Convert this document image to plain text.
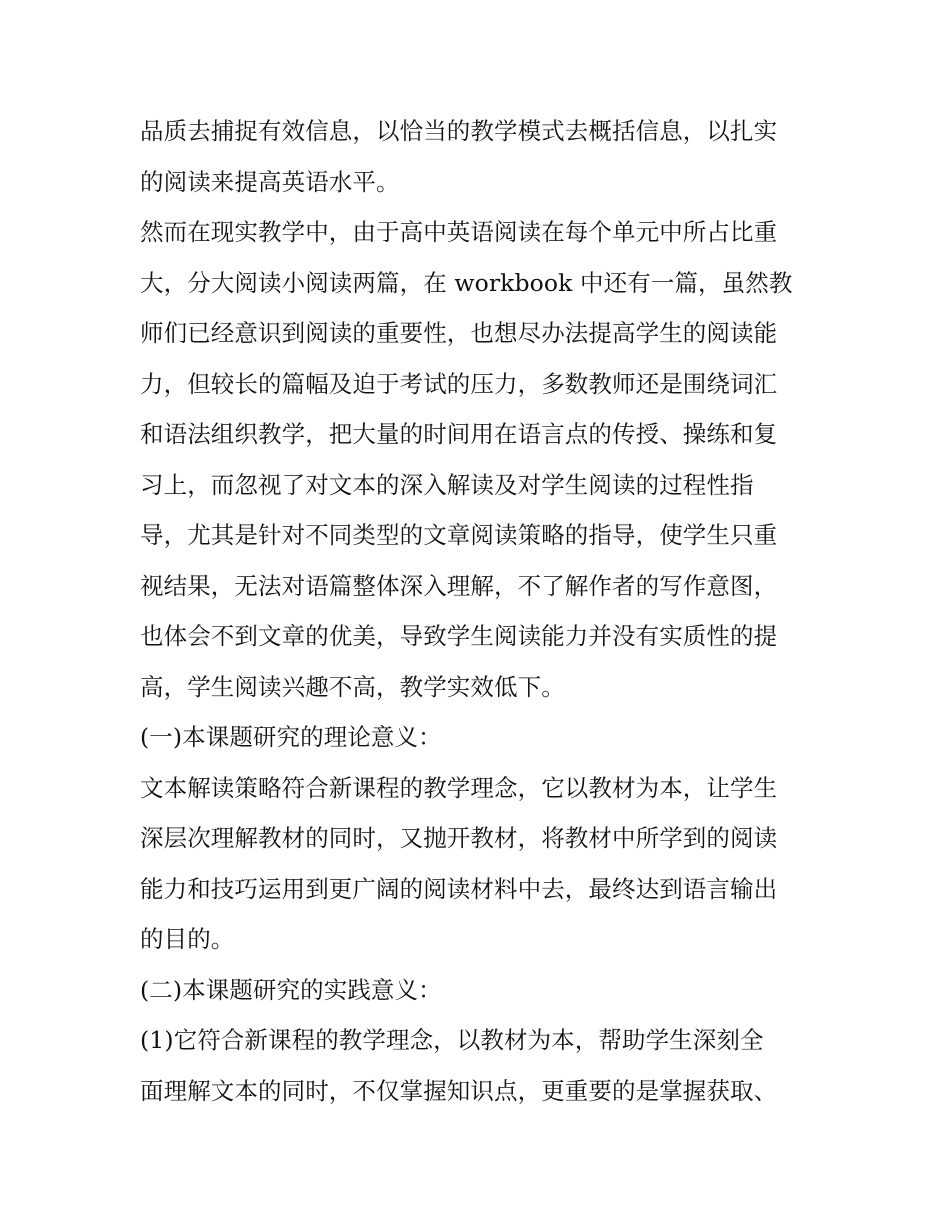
品质去捕捉有效信息，以恰当的教学模式去概括信息，以扎实
的阅读来提高英语水平。
然而在现实教学中，由于高中英语阅读在每个单元中所占比重
大，分大阅读小阅读两篇，在 workbook 中还有一篇，虽然教
师们已经意识到阅读的重要性，也想尽办法提高学生的阅读能
力，但较长的篇幅及迫于考试的压力，多数教师还是围绕词汇
和语法组织教学，把大量的时间用在语言点的传授、操练和复
习上，而忽视了对文本的深入解读及对学生阅读的过程性指
导，尤其是针对不同类型的文章阅读策略的指导，使学生只重
视结果，无法对语篇整体深入理解，不了解作者的写作意图，
也体会不到文章的优美，导致学生阅读能力并没有实质性的提
高，学生阅读兴趣不高，教学实效低下。
(一)本课题研究的理论意义：
文本解读策略符合新课程的教学理念，它以教材为本，让学生
深层次理解教材的同时，又抛开教材，将教材中所学到的阅读
能力和技巧运用到更广阔的阅读材料中去，最终达到语言输出
的目的。
(二)本课题研究的实践意义：
(1)它符合新课程的教学理念，以教材为本，帮助学生深刻全
面理解文本的同时，不仅掌握知识点，更重要的是掌握获取、
